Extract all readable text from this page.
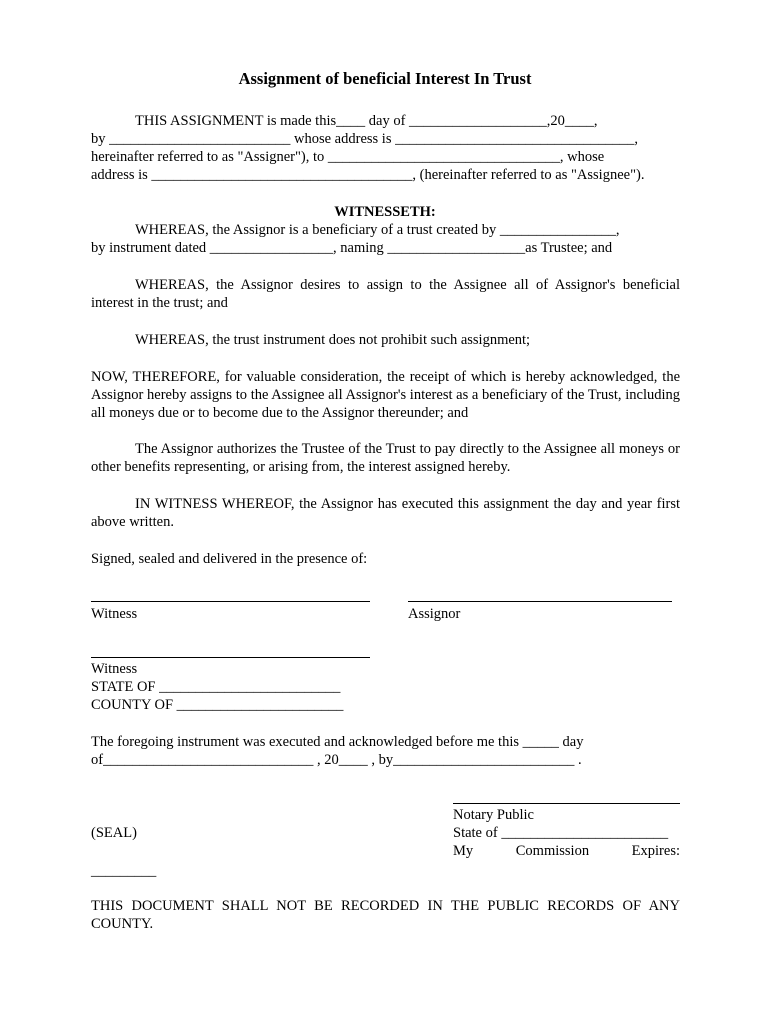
Assignment of beneficial Interest In Trust
THIS ASSIGNMENT is made this____ day of ___________________,20____,
by _________________________ whose address is _________________________________,
hereinafter referred to as "Assigner"), to ________________________________, whose
address is ____________________________________, (hereinafter referred to as "Assignee").
WITNESSETH:
WHEREAS, the Assignor is a beneficiary of a trust created by ________________,
by instrument dated _________________, naming ___________________as Trustee; and

WHEREAS, the Assignor desires to assign to the Assignee all of Assignor's beneficial interest in the trust; and

WHEREAS, the trust instrument does not prohibit such assignment;

NOW, THEREFORE, for valuable consideration, the receipt of which is hereby acknowledged, the Assignor hereby assigns to the Assignee all Assignor's interest as a beneficiary of the Trust, including all moneys due or to become due to the Assignor thereunder; and

The Assignor authorizes the Trustee of the Trust to pay directly to the Assignee all moneys or other benefits representing, or arising from, the interest assigned hereby.

IN WITNESS WHEREOF, the Assignor has executed this assignment the day and year first above written.

Signed, sealed and delivered in the presence of:
Witness	Assignor
Witness
STATE OF _________________________
COUNTY OF _______________________
The foregoing instrument was executed and acknowledged before me this _____ day
of_____________________________ , 20____ , by_________________________ .
Notary Public
(SEAL)	State of _______________________
My	Commission	Expires:
_________

THIS DOCUMENT SHALL NOT BE RECORDED IN THE PUBLIC RECORDS OF ANY COUNTY.
